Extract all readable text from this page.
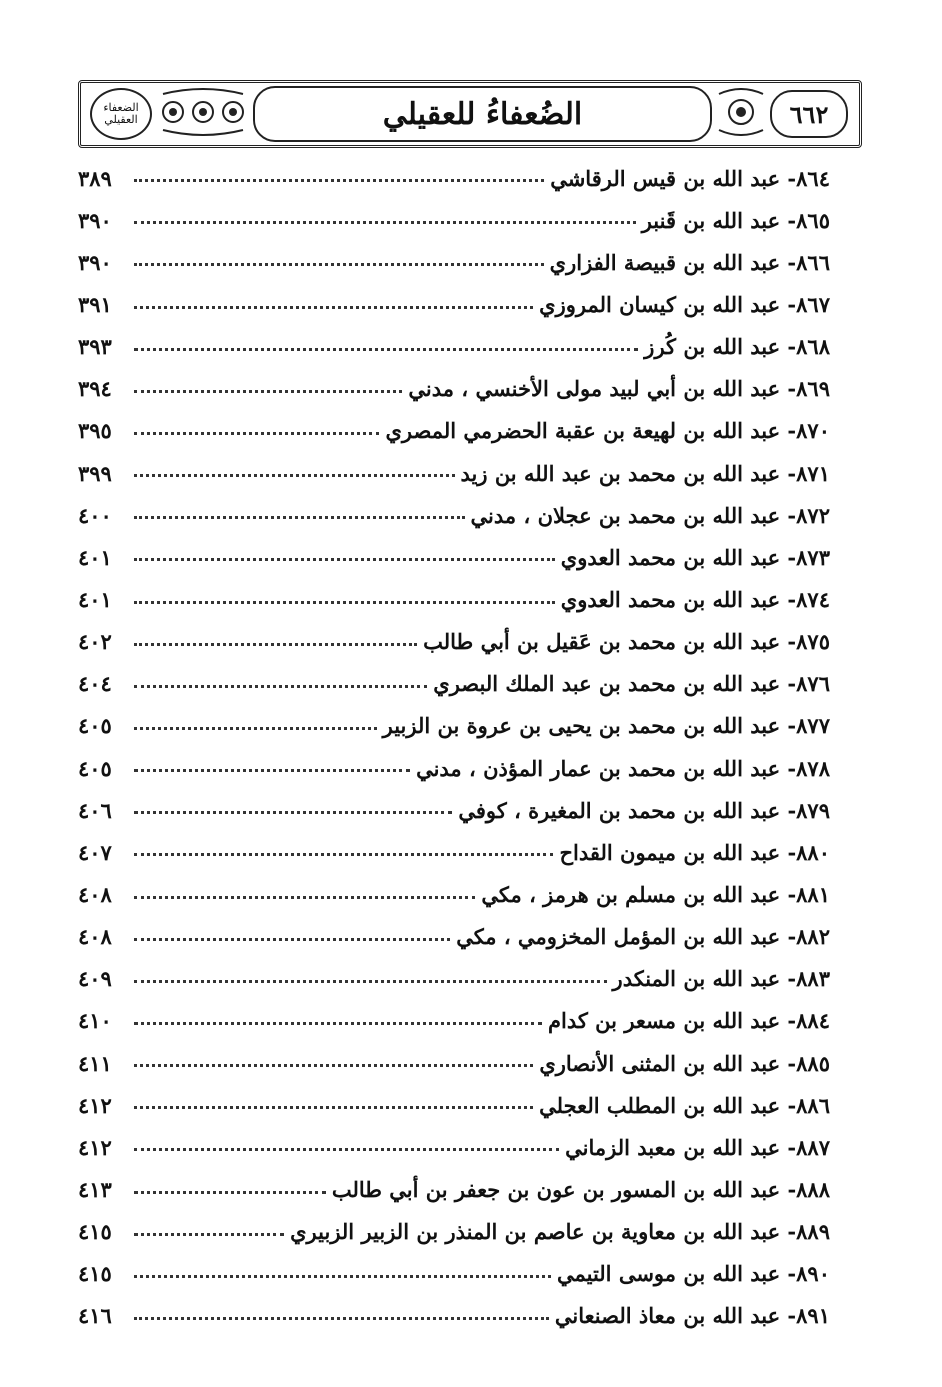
الضعفاء العقيلي	الضُعفاءُ للعقيلي	٦٦٢
٨٦٤- عبد الله بن قيس الرقاشي
٣٨٩
٨٦٥- عبد الله بن قَنبر
٣٩٠
٨٦٦- عبد الله بن قبيصة الفزاري
٣٩٠
٨٦٧- عبد الله بن كيسان المروزي
٣٩١
٨٦٨- عبد الله بن كُرز
٣٩٣
٨٦٩- عبد الله بن أبي لبيد مولى الأخنسي ، مدني
٣٩٤
٨٧٠- عبد الله بن لهيعة بن عقبة الحضرمي المصري
٣٩٥
٨٧١- عبد الله بن محمد بن عبد الله بن زيد
٣٩٩
٨٧٢- عبد الله بن محمد بن عجلان ، مدني
٤٠٠
٨٧٣- عبد الله بن محمد العدوي
٤٠١
٨٧٤- عبد الله بن محمد العدوي
٤٠١
٨٧٥- عبد الله بن محمد بن عَقيل بن أبي طالب
٤٠٢
٨٧٦- عبد الله بن محمد بن عبد الملك البصري
٤٠٤
٨٧٧- عبد الله بن محمد بن يحيى بن عروة بن الزبير
٤٠٥
٨٧٨- عبد الله بن محمد بن عمار المؤذن ، مدني
٤٠٥
٨٧٩- عبد الله بن محمد بن المغيرة ، كوفي
٤٠٦
٨٨٠- عبد الله بن ميمون القداح
٤٠٧
٨٨١- عبد الله بن مسلم بن هرمز ، مكي
٤٠٨
٨٨٢- عبد الله بن المؤمل المخزومي ، مكي
٤٠٨
٨٨٣- عبد الله بن المنكدر
٤٠٩
٨٨٤- عبد الله بن مسعر بن كدام
٤١٠
٨٨٥- عبد الله بن المثنى الأنصاري
٤١١
٨٨٦- عبد الله بن المطلب العجلي
٤١٢
٨٨٧- عبد الله بن معبد الزماني
٤١٢
٨٨٨- عبد الله بن المسور بن عون بن جعفر بن أبي طالب
٤١٣
٨٨٩- عبد الله بن معاوية بن عاصم بن المنذر بن الزبير الزبيري
٤١٥
٨٩٠- عبد الله بن موسى التيمي
٤١٥
٨٩١- عبد الله بن معاذ الصنعاني
٤١٦
